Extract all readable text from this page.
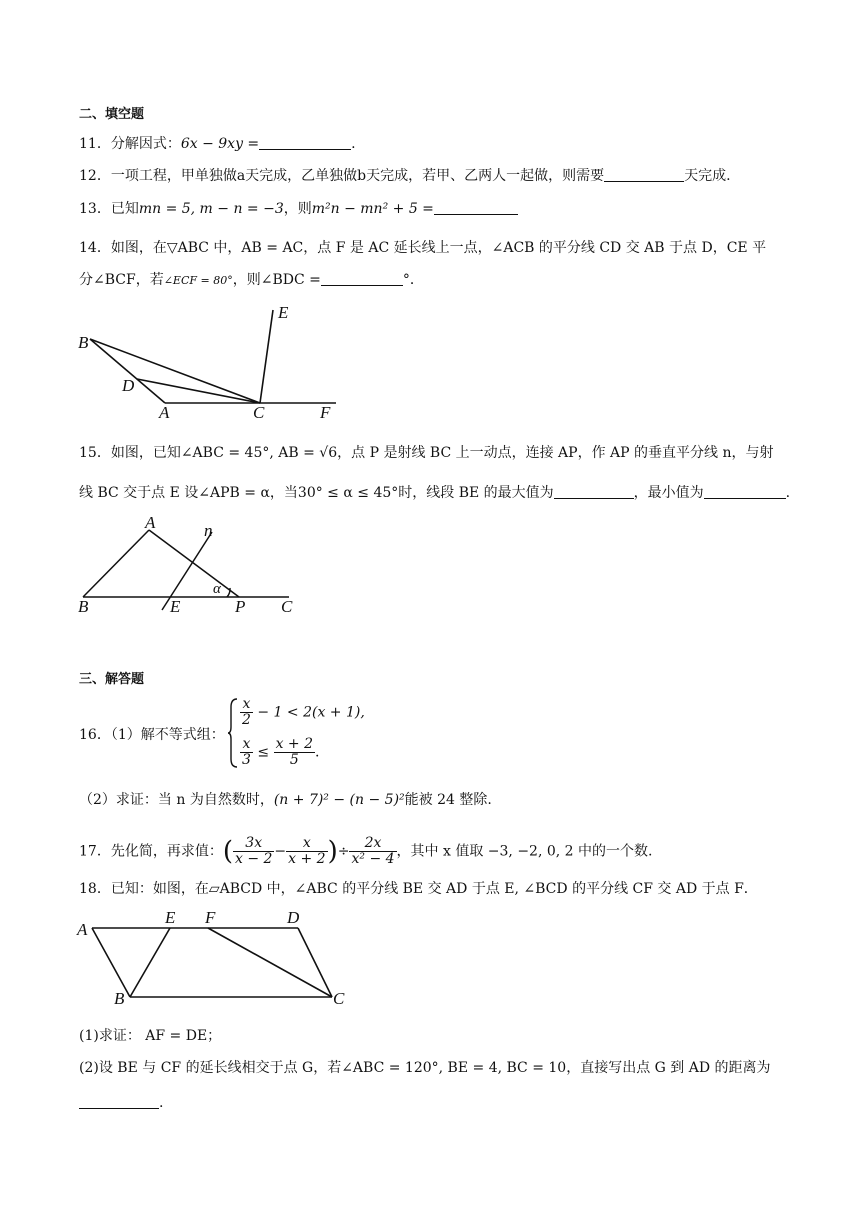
二、填空题
11．分解因式：6x − 9xy =	.
12．一项工程，甲单独做a天完成，乙单独做b天完成，若甲、乙两人一起做，则需要	天完成.
13．已知mn = 5, m − n = −3，则m²n − mn² + 5 =
14．如图，在▽ABC 中，AB = AC，点 F 是 AC 延长线上一点，∠ACB 的平分线 CD 交 AB 于点 D，CE 平
分∠BCF，若∠ECF = 80°，则∠BDC =	°．
B
D
A	C	F
E
15．如图，已知∠ABC = 45°, AB = √6，点 P 是射线 BC 上一动点，连接 AP，作 AP 的垂直平分线 n，与射
线 BC 交于点 E 设∠APB = α，当30° ≤ α ≤ 45°时，线段 BE 的最大值为	，最小值为	.
A	n
α
B	E	P C
三、解答题
16．（1）解不等式组：
$\frac{x}{2} - 1 < 2(x + 1)$,
$\frac{x}{3} \le \frac{x + 2}{5}$ .
（2）求证：当 n 为自然数时，(n + 7)² − (n − 5)²能被 24 整除.
17．先化简，再求值：( $\frac{3x}{x - 2} - \frac{x}{x + 2}$ )÷ $\frac{2x}{\text{x² − 4}}$ ，其中 x 值取 −3, −2, 0, 2 中的一个数.
18．已知：如图，在▱ABCD 中，∠ABC 的平分线 BE 交 AD 于点 E, ∠BCD 的平分线 CF 交 AD 于点 F．
A
E F	D
B	C
(1)求证： AF = DE；
(2)设 BE 与 CF 的延长线相交于点 G，若∠ABC = 120°, BE = 4, BC = 10，直接写出点 G 到 AD 的距离为
.
